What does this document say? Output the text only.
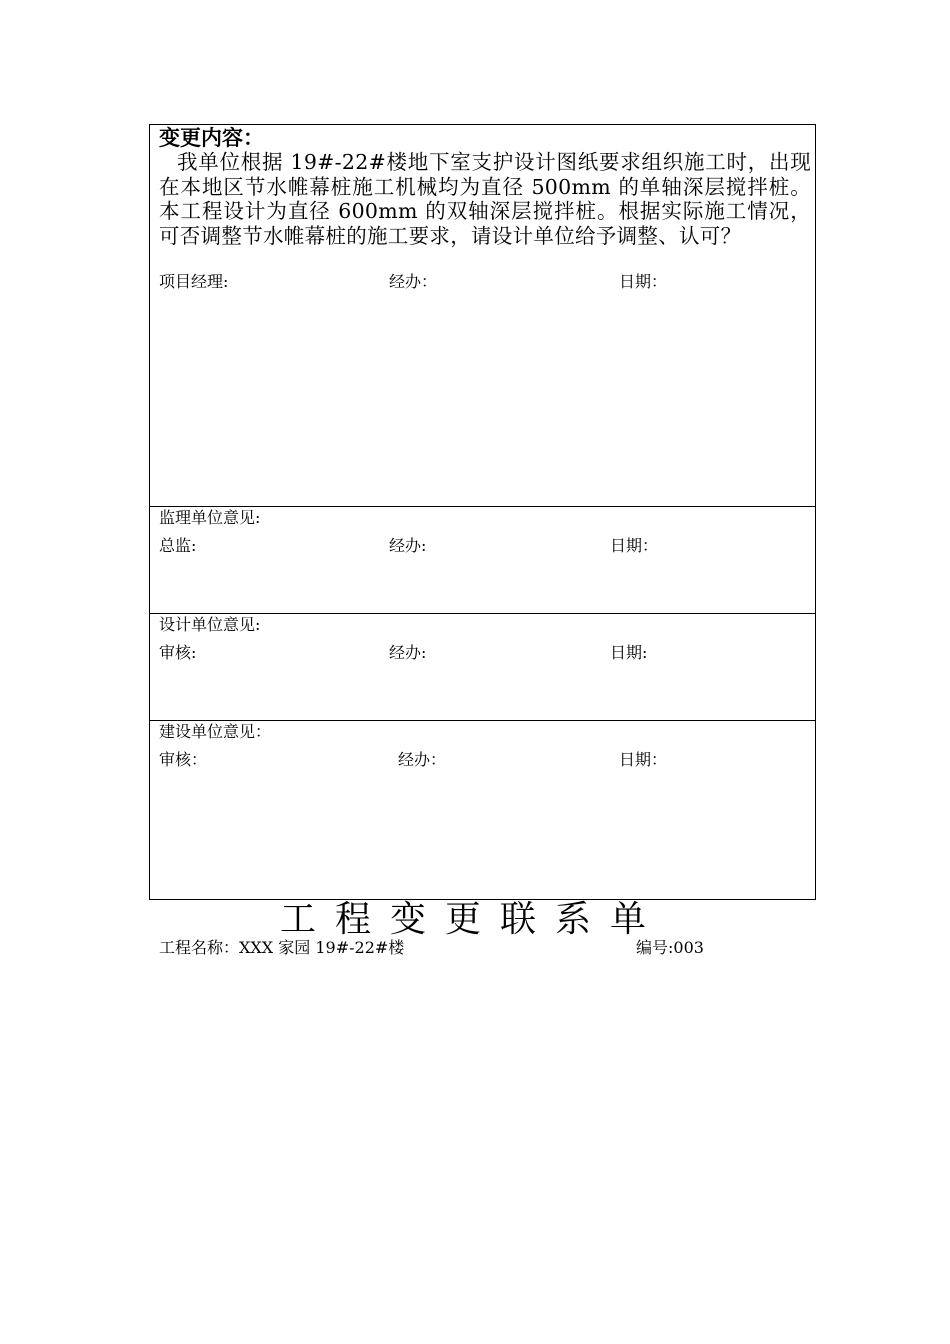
变更内容：
我单位根据 19#-22#楼地下室支护设计图纸要求组织施工时，出现在本地区节水帷幕桩施工机械均为直径 500mm 的单轴深层搅拌桩。本工程设计为直径 600mm 的双轴深层搅拌桩。根据实际施工情况，可否调整节水帷幕桩的施工要求，请设计单位给予调整、认可？
项目经理:	经办：	日期：
监理单位意见:
总监:	经办:	日期：
设计单位意见:
审核:	经办:	日期:
建设单位意见：
审核：	经办：	日期：
工程变更联系单
工程名称：XXX 家园 19#-22#楼	编号:003
